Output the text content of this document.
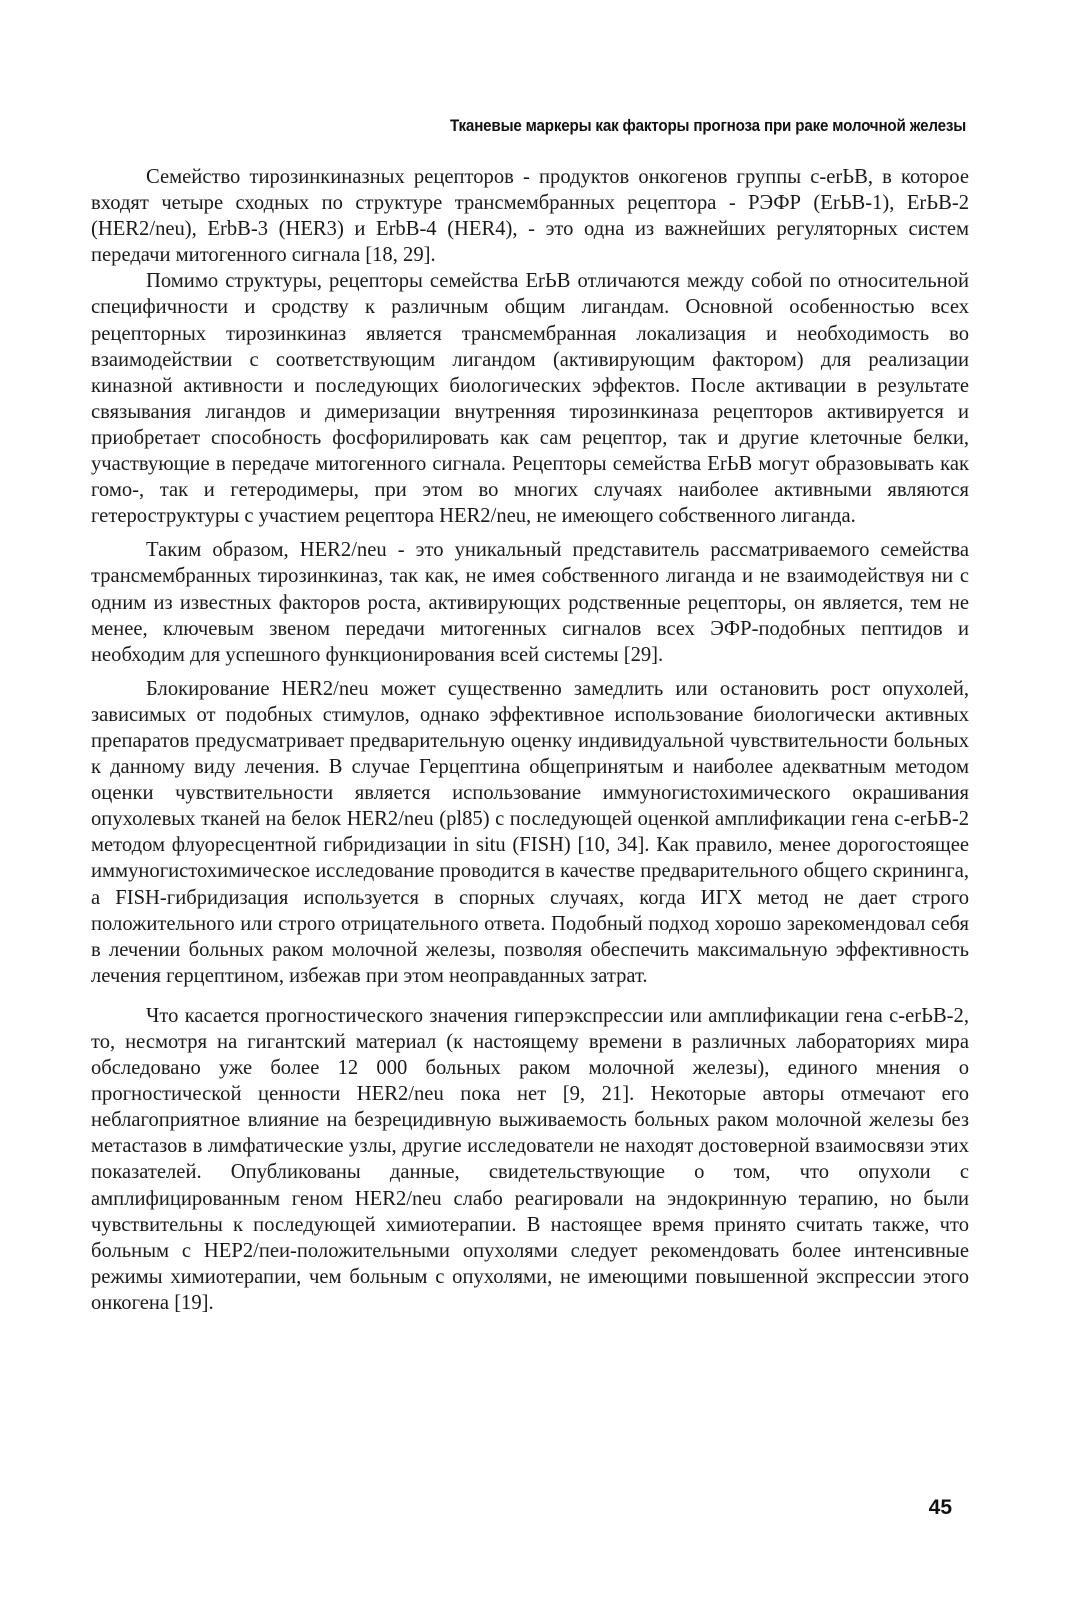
Тканевые маркеры как факторы прогноза при раке молочной железы

Семейство тирозинкиназных рецепторов - продуктов онкогенов группы c-erЬB, в которое входят четыре сходных по структуре трансмембранных рецептора - РЭФР (ErЬB-1), ErЬB-2 (HER2/neu), ErbB-3 (HER3) и ErbB-4 (HER4), - это одна из важнейших регуляторных систем передачи митогенного сигнала [18, 29].

Помимо структуры, рецепторы семейства ErЬB отличаются между собой по относительной специфичности и сродству к различным общим лигандам. Основной особенностью всех рецепторных тирозинкиназ является трансмембранная локализация и необходимость во взаимодействии с соответствующим лигандом (активирующим фактором) для реализации киназной активности и последующих биологических эффектов. После активации в результате связывания лигандов и димеризации внутренняя тирозинкиназа рецепторов активируется и приобретает способность фосфорилировать как сам рецептор, так и другие клеточные белки, участвующие в передаче митогенного сигнала. Рецепторы семейства ErЬB могут образовывать как гомо-, так и гетеродимеры, при этом во многих случаях наиболее активными являются гетероструктуры с участием рецептора HER2/neu, не имеющего собственного лиганда.

Таким образом, HER2/neu - это уникальный представитель рассматриваемого семейства трансмембранных тирозинкиназ, так как, не имея собственного лиганда и не взаимодействуя ни с одним из известных факторов роста, активирующих родственные рецепторы, он является, тем не менее, ключевым звеном передачи митогенных сигналов всех ЭФР-подобных пептидов и необходим для успешного функционирования всей системы [29].

Блокирование HER2/neu может существенно замедлить или остановить рост опухолей, зависимых от подобных стимулов, однако эффективное использование биологически активных препаратов предусматривает предварительную оценку индивидуальной чувствительности больных к данному виду лечения. В случае Герцептина общепринятым и наиболее адекватным методом оценки чувствительности является использование иммуногистохимического окрашивания опухолевых тканей на белок HER2/neu (pl85) с последующей оценкой амплификации гена c-erЬB-2 методом флуоресцентной гибридизации in situ (FISH) [10, 34]. Как правило, менее дорогостоящее иммуногистохимическое исследование проводится в качестве предварительного общего скрининга, а FISH-гибридизация используется в спорных случаях, когда ИГХ метод не дает строго положительного или строго отрицательного ответа. Подобный подход хорошо зарекомендовал себя в лечении больных раком молочной железы, позволяя обеспечить максимальную эффективность лечения герцептином, избежав при этом неоправданных затрат.

Что касается прогностического значения гиперэкспрессии или амплификации гена c-erЬB-2, то, несмотря на гигантский материал (к настоящему времени в различных лабораториях мира обследовано уже более 12 000 больных раком молочной железы), единого мнения о прогностической ценности HER2/neu пока нет [9, 21]. Некоторые авторы отмечают его неблагоприятное влияние на безрецидивную выживаемость больных раком молочной железы без метастазов в лимфатические узлы, другие исследователи не находят достоверной взаимосвязи этих показателей. Опубликованы данные, свидетельствующие о том, что опухоли с амплифицированным геном HER2/neu слабо реагировали на эндокринную терапию, но были чувствительны к последующей химиотерапии. В настоящее время принято считать также, что больным с НЕР2/пеи-положительными опухолями следует рекомендовать более интенсивные режимы химиотерапии, чем больным с опухолями, не имеющими повышенной экспрессии этого онкогена [19].

45
